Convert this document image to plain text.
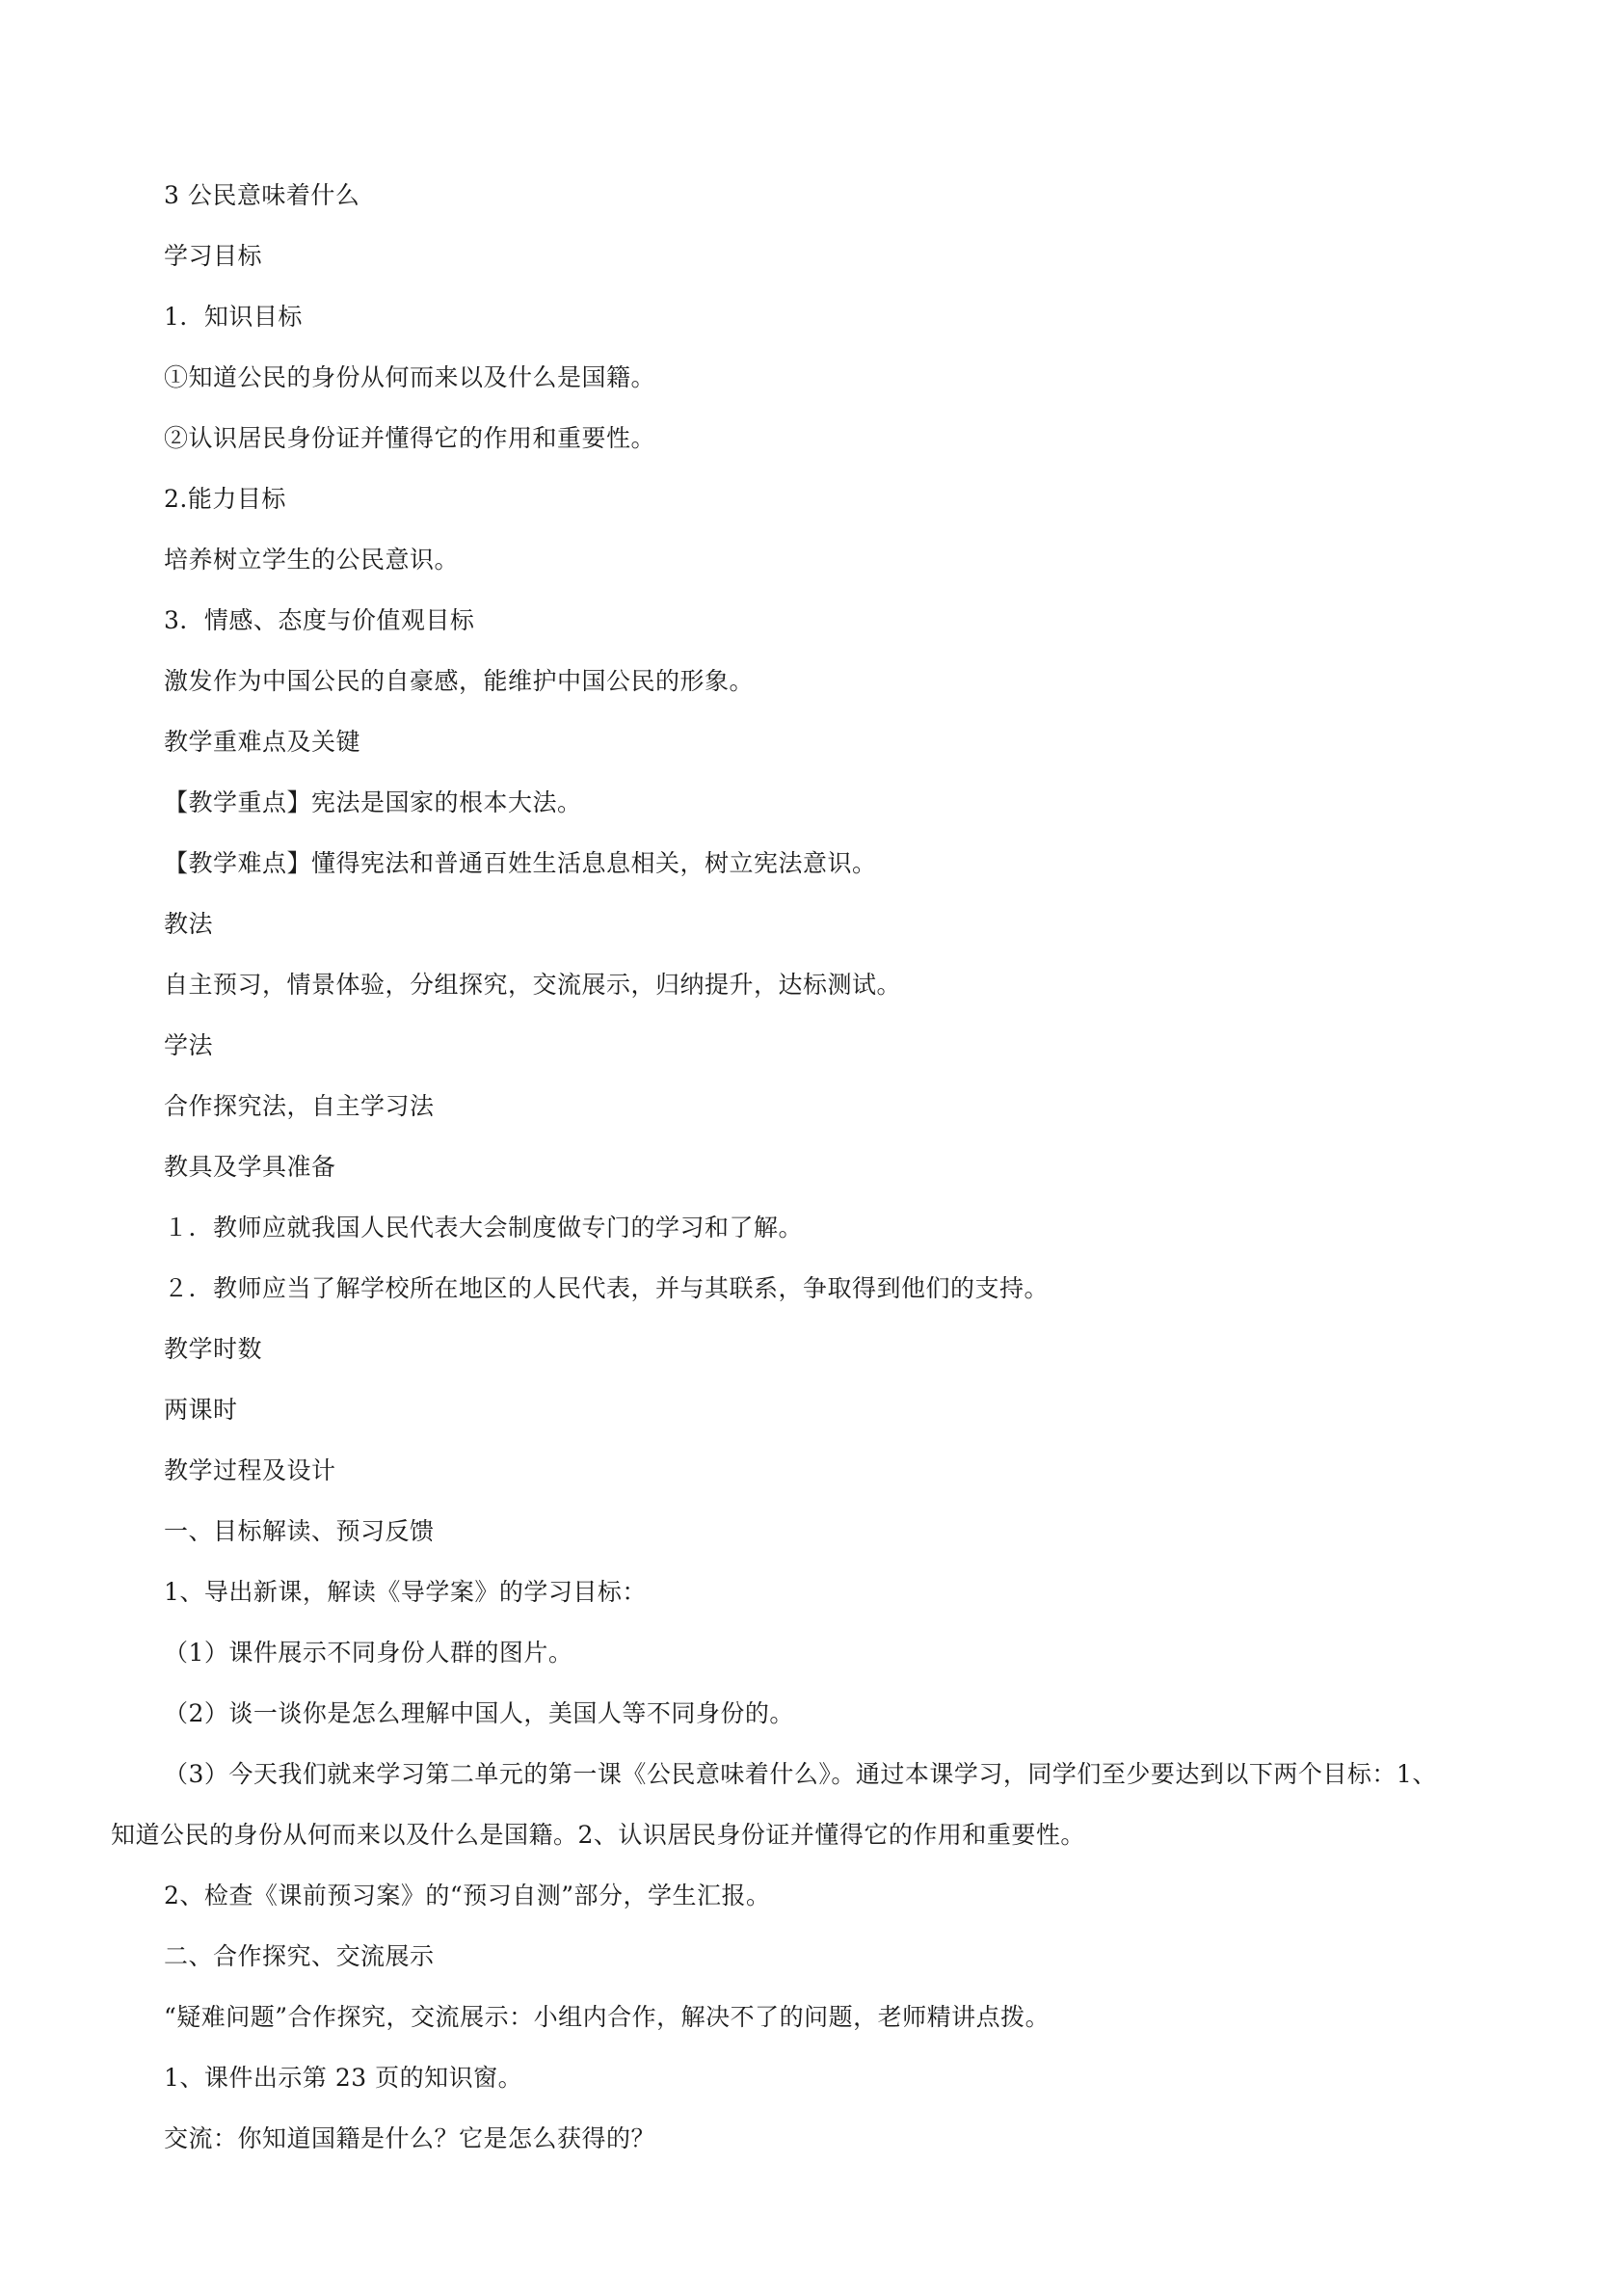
3 公民意味着什么
学习目标
1．知识目标
①知道公民的身份从何而来以及什么是国籍。
②认识居民身份证并懂得它的作用和重要性。
2.能力目标
培养树立学生的公民意识。
3．情感、态度与价值观目标
激发作为中国公民的自豪感，能维护中国公民的形象。
教学重难点及关键
【教学重点】宪法是国家的根本大法。
【教学难点】懂得宪法和普通百姓生活息息相关，树立宪法意识。
教法
自主预习，情景体验，分组探究，交流展示，归纳提升，达标测试。
学法
合作探究法，自主学习法
教具及学具准备
１．教师应就我国人民代表大会制度做专门的学习和了解。
２．教师应当了解学校所在地区的人民代表，并与其联系，争取得到他们的支持。
教学时数
两课时
教学过程及设计
一、目标解读、预习反馈
1、导出新课，解读《导学案》的学习目标：
（1）课件展示不同身份人群的图片。
（2）谈一谈你是怎么理解中国人，美国人等不同身份的。
（3）今天我们就来学习第二单元的第一课《公民意味着什么》。通过本课学习，同学们至少要达到以下两个目标：1、
知道公民的身份从何而来以及什么是国籍。2、认识居民身份证并懂得它的作用和重要性。
2、检查《课前预习案》的“预习自测”部分，学生汇报。
二、合作探究、交流展示
“疑难问题”合作探究，交流展示：小组内合作，解决不了的问题，老师精讲点拨。
1、课件出示第 23 页的知识窗。
交流：你知道国籍是什么？它是怎么获得的？
